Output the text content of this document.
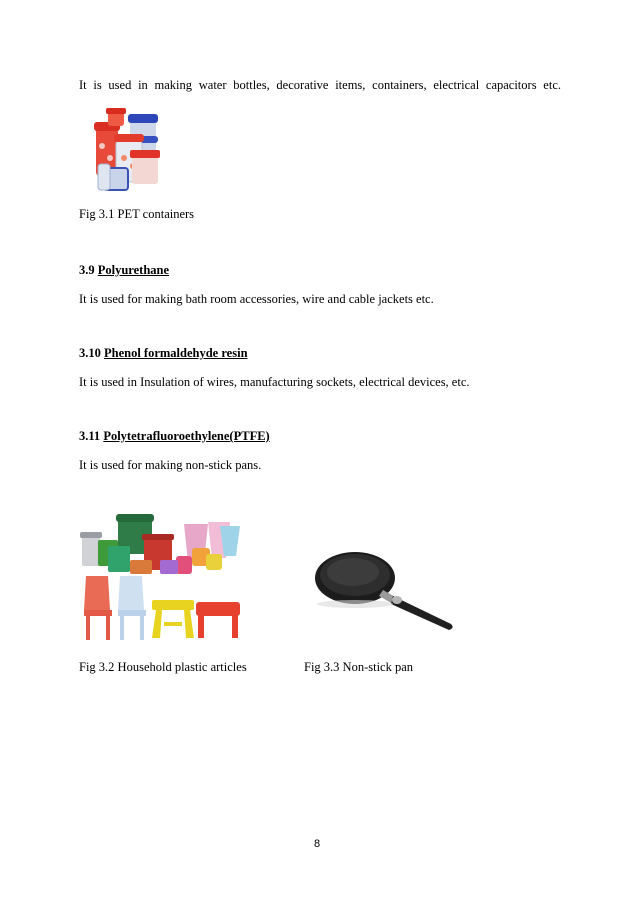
It is used in making water bottles, decorative items, containers, electrical capacitors etc.
Fig 3.1 PET containers
3.9 Polyurethane
It is used for making bath room accessories, wire and cable jackets etc.
3.10 Phenol formaldehyde resin
It is used in Insulation of wires, manufacturing sockets, electrical devices, etc.
3.11 Polytetrafluoroethylene(PTFE)
It is used for making non-stick pans.
Fig 3.2 Household plastic articles	Fig 3.3 Non-stick pan
8
